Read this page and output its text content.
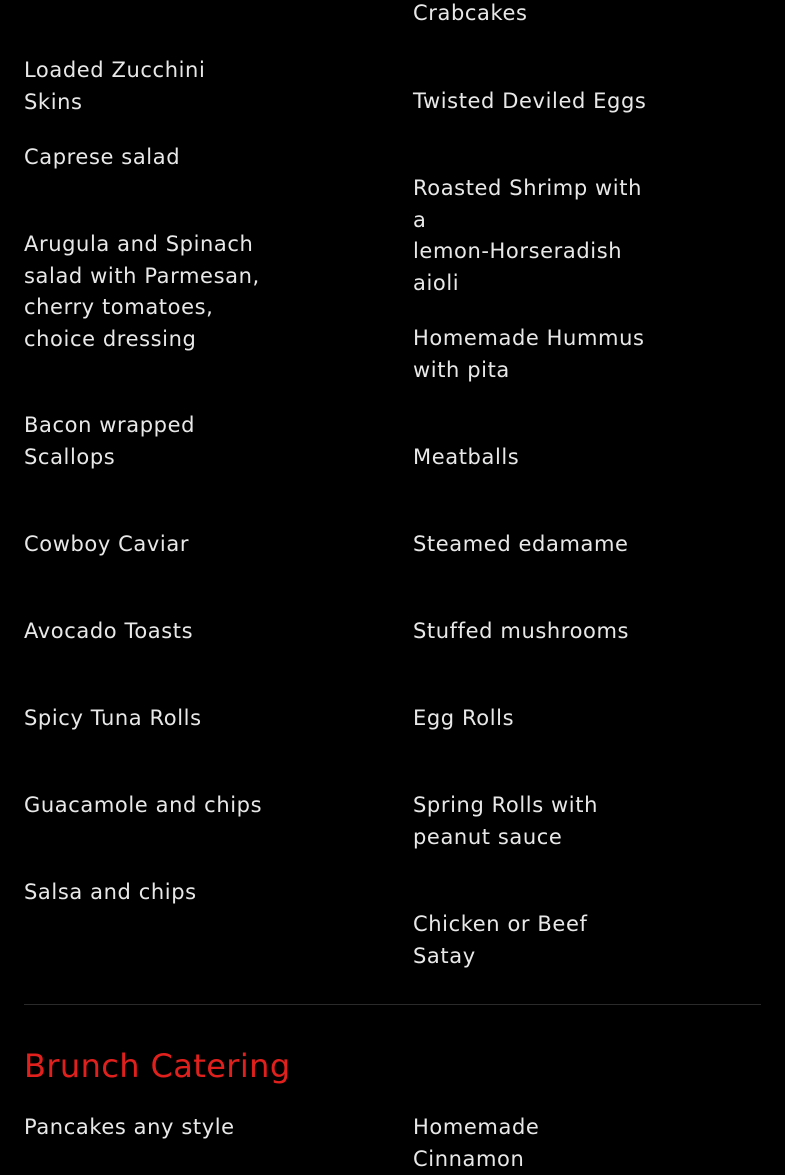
Loaded Zucchini Skins

Caprese salad

Arugula and Spinach
salad with Parmesan,
cherry tomatoes,
choice dressing

Bacon wrapped
Scallops

Cowboy Caviar

Avocado Toasts

Spicy Tuna Rolls

Guacamole and chips

Salsa and chips

Crabcakes

Twisted Deviled Eggs

Roasted Shrimp with a
lemon-Horseradish
aioli

Homemade Hummus
with pita

Meatballs

Steamed edamame

Stuffed mushrooms

Egg Rolls

Spring Rolls with
peanut sauce

Chicken or Beef Satay

Brunch Catering

Pancakes any style	Homemade Cinnamon
